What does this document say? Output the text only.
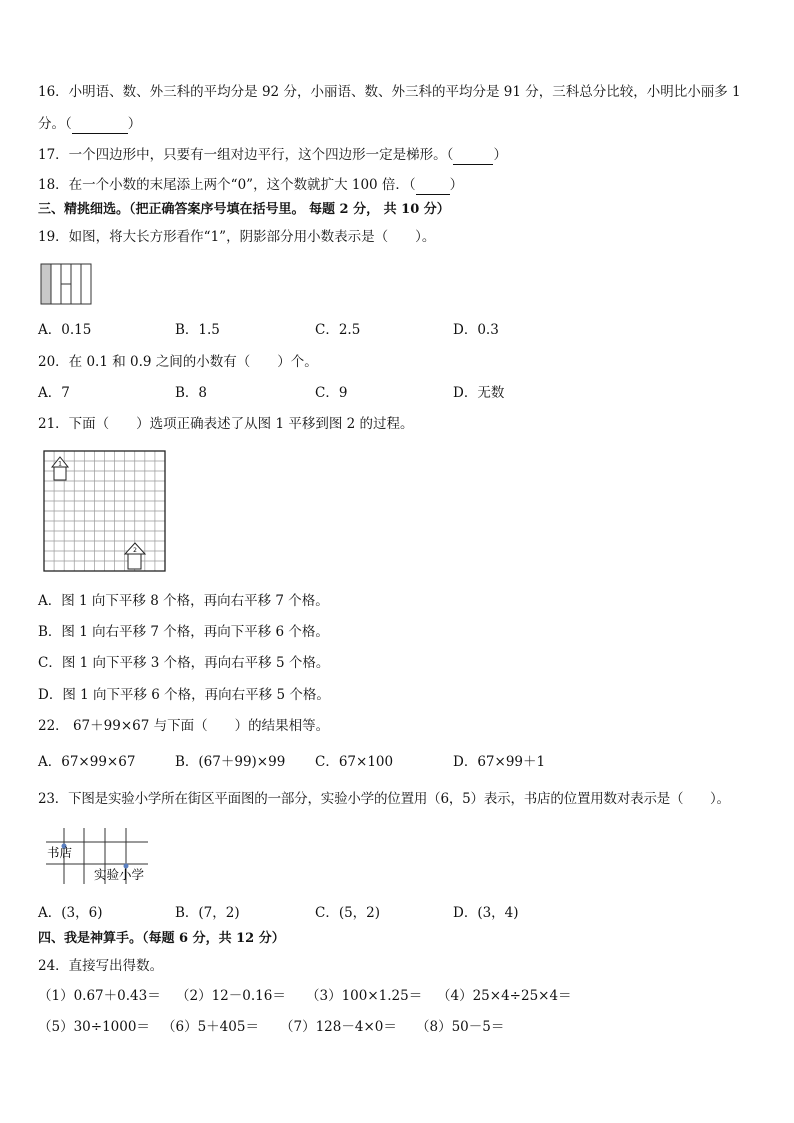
16．小明语、数、外三科的平均分是 92 分，小丽语、数、外三科的平均分是 91 分，三科总分比较，小明比小丽多 1
分。（	）
17．一个四边形中，只要有一组对边平行，这个四边形一定是梯形。（	）
18．在一个小数的末尾添上两个“0”，这个数就扩大 100 倍．（	）
三、精挑细选。（把正确答案序号填在括号里。 每题 2 分， 共 10 分）
19．如图，将大长方形看作“1”，阴影部分用小数表示是（　　）。
A．0.15	B．1.5	C．2.5	D．0.3
20．在 0.1 和 0.9 之间的小数有（　　）个。
A．7	B．8	C．9	D．无数
21．下面（　　）选项正确表述了从图 1 平移到图 2 的过程。
1
2
A．图 1 向下平移 8 个格，再向右平移 7 个格。
B．图 1 向右平移 7 个格，再向下平移 6 个格。
C．图 1 向下平移 3 个格，再向右平移 5 个格。
D．图 1 向下平移 6 个格，再向右平移 5 个格。
22． 67＋99×67 与下面（　　）的结果相等。
A．67×99×67	B．(67＋99)×99 C．67×100	D．67×99＋1
23．下图是实验小学所在街区平面图的一部分，实验小学的位置用（6，5）表示，书店的位置用数对表示是（　　）。
书店
实验小学
A．(3，6)	B．(7，2)	C．(5，2)	D．(3，4)
四、我是神算手。（每题 6 分，共 12 分）
24．直接写出得数。
（1）0.67＋0.43＝ （2）12－0.16＝ （3）100×1.25＝ （4）25×4÷25×4＝
（5）30÷1000＝ （6）5＋405＝ （7）128－4×0＝ （8）50－5＝
